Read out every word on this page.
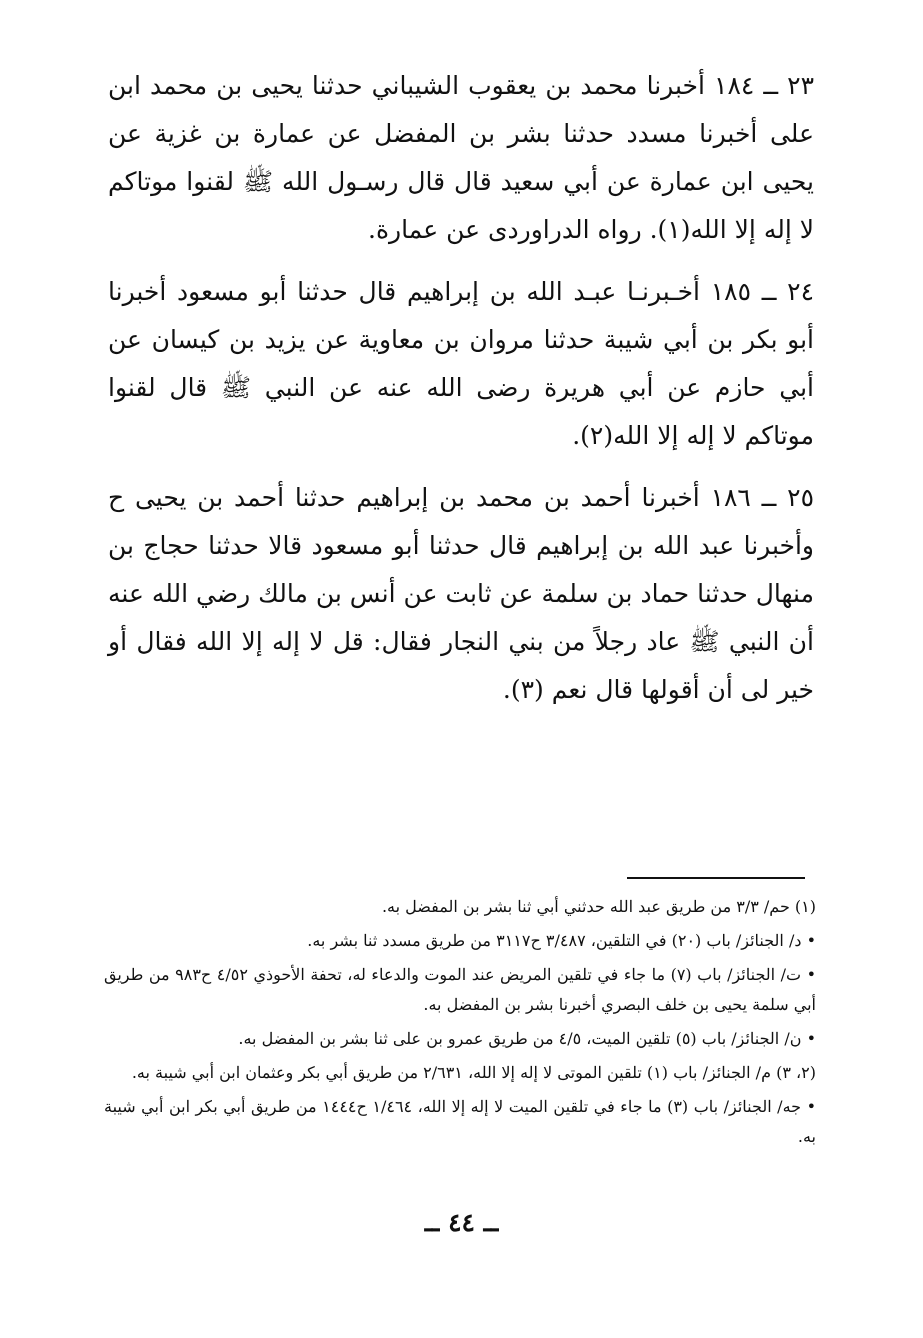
٢٣ ــ ١٨٤ أخبرنا محمد بن يعقوب الشيباني حدثنا يحيى بن محمد ابن على أخبرنا مسدد حدثنا بشر بن المفضل عن عمارة بن غزية عن يحيى ابن عمارة عن أبي سعيد قال قال رسـول الله ﷺ لقنوا موتاكم لا إله إلا الله(١). رواه الدراوردى عن عمارة.

٢٤ ــ ١٨٥ أخـبرنـا عبـد الله بن إبراهيم قال حدثنا أبو مسعود أخبرنا أبو بكر بن أبي شيبة حدثنا مروان بن معاوية عن يزيد بن كيسان عن أبي حازم عن أبي هريرة رضى الله عنه عن النبي ﷺ قال لقنوا موتاكم لا إله إلا الله(٢).

٢٥ ــ ١٨٦ أخبرنا أحمد بن محمد بن إبراهيم حدثنا أحمد بن يحيى ح وأخبرنا عبد الله بن إبراهيم قال حدثنا أبو مسعود قالا حدثنا حجاج بن منهال حدثنا حماد بن سلمة عن ثابت عن أنس بن مالك رضي الله عنه أن النبي ﷺ عاد رجلاً من بني النجار فقال: قل لا إله إلا الله فقال أو خير لى أن أقولها قال نعم (٣).

(١) حم/ ٣/٣ من طريق عبد الله حدثني أبي ثنا بشر بن المفضل به.

• د/ الجنائز/ باب (٢٠) في التلقين، ٣/٤٨٧ ح٣١١٧ من طريق مسدد ثنا بشر به.

• ت/ الجنائز/ باب (٧) ما جاء في تلقين المريض عند الموت والدعاء له، تحفة الأحوذي ٤/٥٢ ح٩٨٣ من طريق أبي سلمة يحيى بن خلف البصري أخبرنا بشر بن المفضل به.

• ن/ الجنائز/ باب (٥) تلقين الميت، ٤/٥ من طريق عمرو بن على ثنا بشر بن المفضل به.

(٢، ٣) م/ الجنائز/ باب (١) تلقين الموتى لا إله إلا الله، ٢/٦٣١ من طريق أبي بكر وعثمان ابن أبي شيبة به.

• جه/ الجنائز/ باب (٣) ما جاء في تلقين الميت لا إله إلا الله، ١/٤٦٤ ح١٤٤٤ من طريق أبي بكر ابن أبي شيبة به.

ــ ٤٤ ــ
